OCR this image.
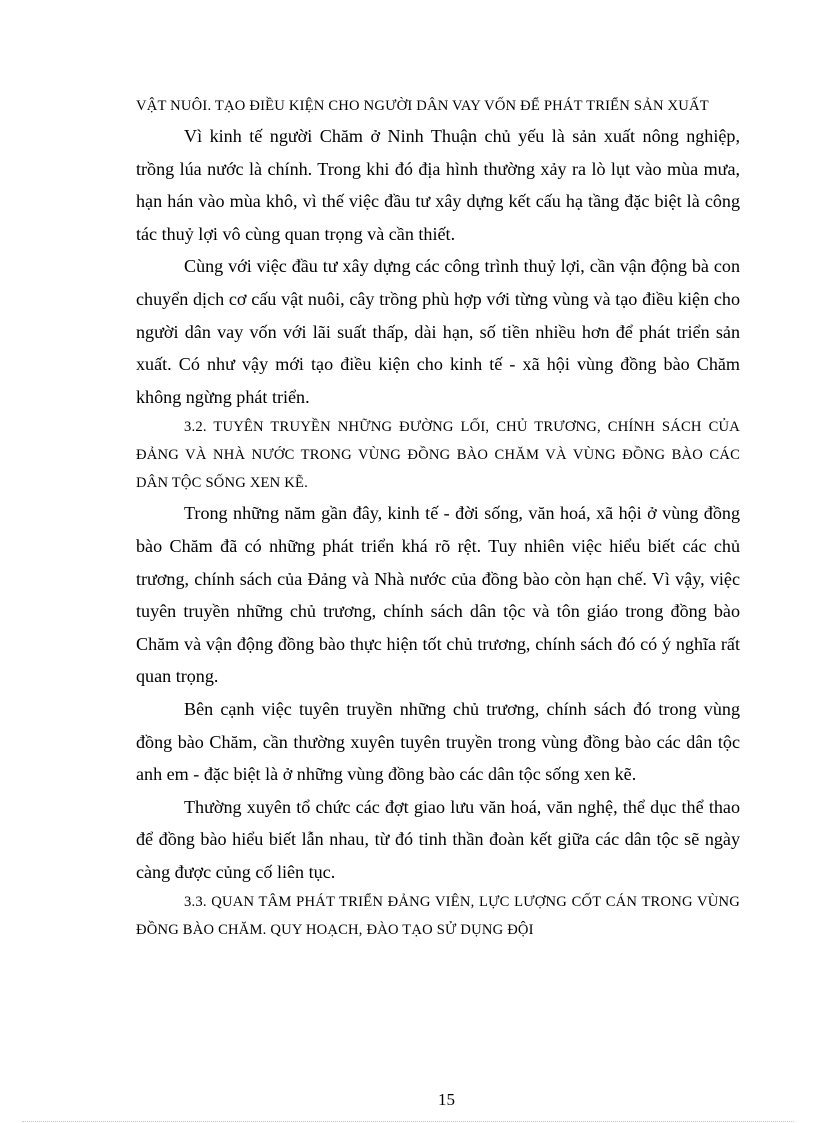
VẬT NUÔI. TẠO ĐIỀU KIỆN CHO NGƯỜI DÂN VAY VỐN ĐỂ PHÁT TRIỂN SẢN XUẤT

Vì kinh tế người Chăm ở Ninh Thuận chủ yếu là sản xuất nông nghiệp, trồng lúa nước là chính. Trong khi đó địa hình thường xảy ra lò lụt vào mùa mưa, hạn hán vào mùa khô, vì thế việc đầu tư xây dựng kết cấu hạ tầng đặc biệt là công tác thuỷ lợi vô cùng quan trọng và cần thiết.

Cùng với việc đầu tư xây dựng các công trình thuỷ lợi, cần vận động bà con chuyển dịch cơ cấu vật nuôi, cây trồng phù hợp với từng vùng và tạo điều kiện cho người dân vay vốn với lãi suất thấp, dài hạn, số tiền nhiều hơn để phát triển sản xuất. Có như vậy mới tạo điều kiện cho kinh tế - xã hội vùng đồng bào Chăm không ngừng phát triển.

3.2. TUYÊN TRUYỀN NHỮNG ĐƯỜNG LỐI, CHỦ TRƯƠNG, CHÍNH SÁCH CỦA ĐẢNG VÀ NHÀ NƯỚC TRONG VÙNG ĐỒNG BÀO CHĂM VÀ VÙNG ĐỒNG BÀO CÁC DÂN TỘC SỐNG XEN KẼ.

Trong những năm gần đây, kinh tế - đời sống, văn hoá, xã hội ở vùng đồng bào Chăm đã có những phát triển khá rõ rệt. Tuy nhiên việc hiểu biết các chủ trương, chính sách của Đảng và Nhà nước của đồng bào còn hạn chế. Vì vậy, việc tuyên truyền những chủ trương, chính sách dân tộc và tôn giáo trong đồng bào Chăm và vận động đồng bào thực hiện tốt chủ trương, chính sách đó có ý nghĩa rất quan trọng.

Bên cạnh việc tuyên truyền những chủ trương, chính sách đó trong vùng đồng bào Chăm, cần thường xuyên tuyên truyền trong vùng đồng bào các dân tộc anh em - đặc biệt là ở những vùng đồng bào các dân tộc sống xen kẽ.

Thường xuyên tổ chức các đợt giao lưu văn hoá, văn nghệ, thể dục thể thao để đồng bào hiểu biết lẫn nhau, từ đó tinh thần đoàn kết giữa các dân tộc sẽ ngày càng được củng cố liên tục.

3.3. QUAN TÂM PHÁT TRIỂN ĐẢNG VIÊN, LỰC LƯỢNG CỐT CÁN TRONG VÙNG ĐỒNG BÀO CHĂM. QUY HOẠCH, ĐÀO TẠO SỬ DỤNG ĐỘI

15
